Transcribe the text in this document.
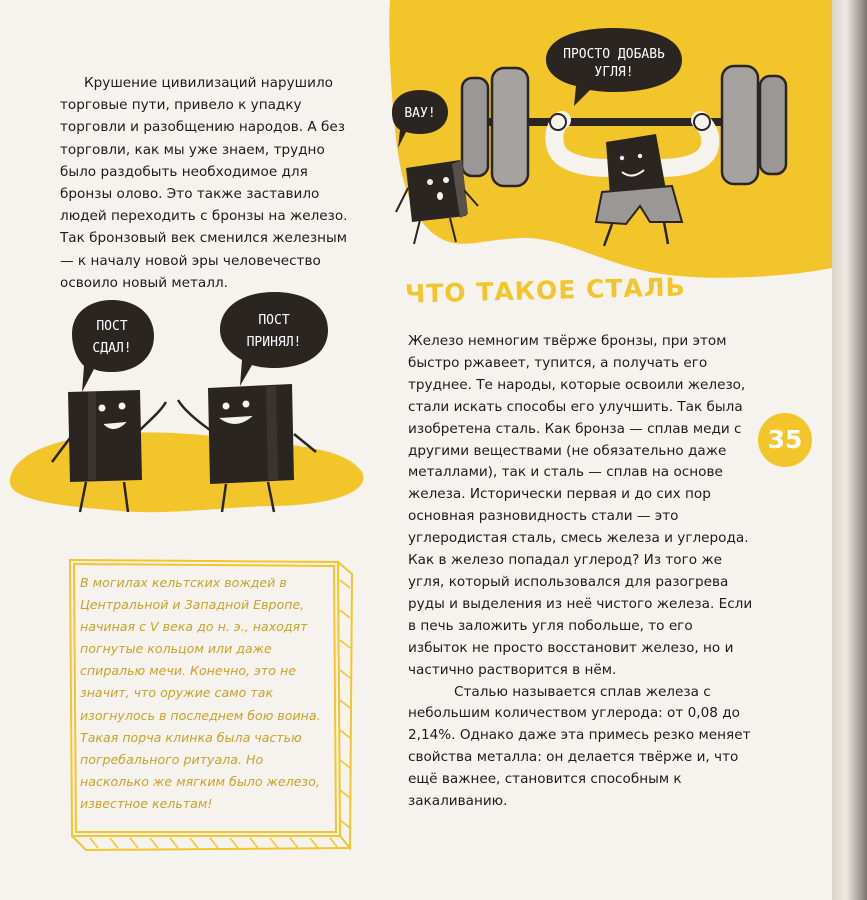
ВАУ!
ПРОСТО ДОБАВЬ
УГЛЯ!
ПОСТ
СДАЛ!
ПОСТ
ПРИНЯЛ!

Крушение цивилизаций нарушило торговые пути, привело к упадку торговли и разобщению народов. А без торговли, как мы уже знаем, трудно было раздобыть необходимое для бронзы олово. Это также заставило людей переходить с бронзы на железо. Так бронзовый век сменился железным — к началу новой эры человечество освоило новый металл.	ЧТО ТАКОЕ СТАЛЬ

Железо немногим твёрже бронзы, при этом быстро ржавеет, тупится, а получать его труднее. Те народы, которые освоили железо, стали искать способы его улучшить. Так была изобретена сталь. Как бронза — сплав меди с другими веществами (не обязательно даже металлами), так и сталь — сплав на основе железа. Исторически первая и до сих пор основная разновидность стали — это углеродистая сталь, смесь железа и углерода. Как в железо попадал углерод? Из того же угля, который использовался для разогрева руды и выделения из неё чистого железа. Если в печь заложить угля побольше, то его избыток не просто восстановит железо, но и частично растворится в нём.

Сталью называется сплав железа с небольшим количеством углерода: от 0,08 до 2,14%. Однако даже эта примесь резко меняет свойства металла: он делается твёрже и, что ещё важнее, становится способным к закаливанию.

В могилах кельтских вождей в Центральной и Западной Европе, начиная с V века до н. э., находят погнутые кольцом или даже спиралью мечи. Конечно, это не значит, что оружие само так изогнулось в последнем бою воина. Такая порча клинка была частью погребального ритуала. Но насколько же мягким было железо, известное кельтам!

35
